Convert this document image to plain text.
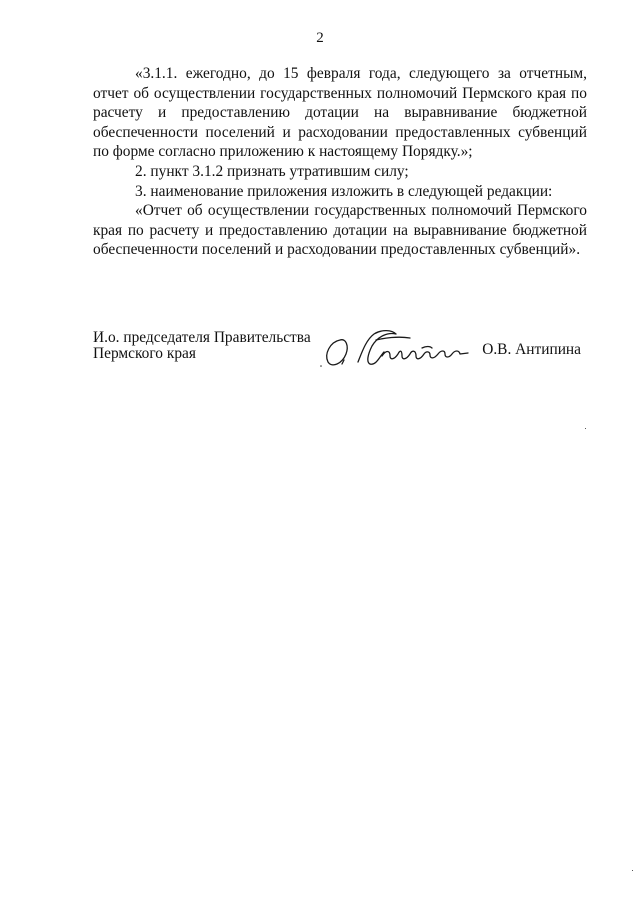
2

«3.1.1. ежегодно, до 15 февраля года, следующего за отчетным, отчет об осуществлении государственных полномочий Пермского края по расчету и предоставлению дотации на выравнивание бюджетной обеспеченности поселений и расходовании предоставленных субвенций по форме согласно приложению к настоящему Порядку.»;

2. пункт 3.1.2 признать утратившим силу;

3. наименование приложения изложить в следующей редакции:

«Отчет об осуществлении государственных полномочий Пермского края по расчету и предоставлению дотации на выравнивание бюджетной обеспеченности поселений и расходовании предоставленных субвенций».

И.о. председателя Правительства
Пермского края	О.В. Антипина
